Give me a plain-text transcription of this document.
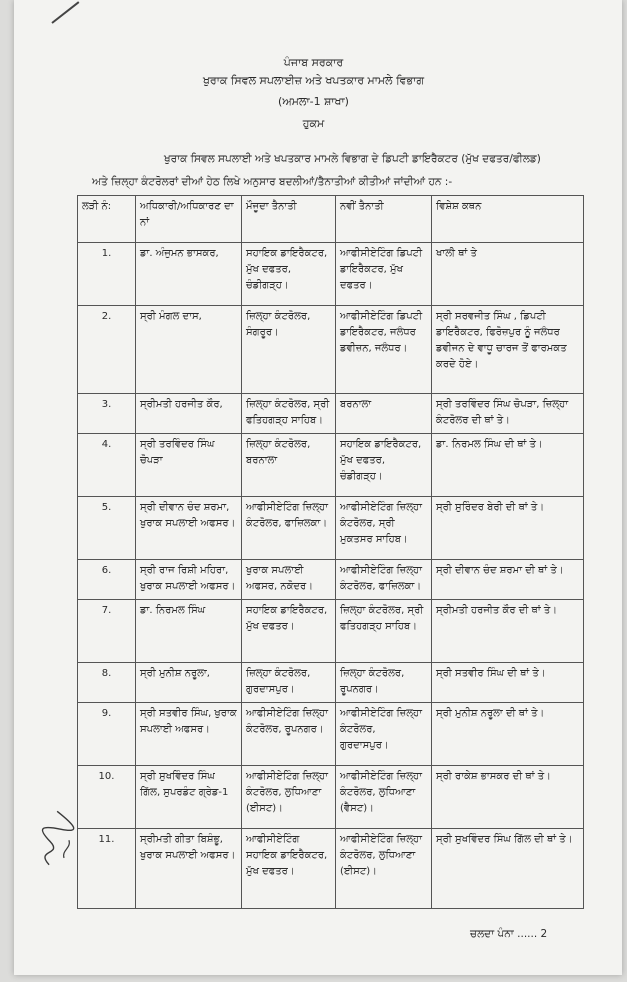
ਪੰਜਾਬ ਸਰਕਾਰ
ਖੁਰਾਕ ਸਿਵਲ ਸਪਲਾਈਜ਼ ਅਤੇ ਖਪਤਕਾਰ ਮਾਮਲੇ ਵਿਭਾਗ
(ਅਮਲਾ-1 ਸ਼ਾਖਾ)
ਹੁਕਮ
ਖੁਰਾਕ ਸਿਵਲ ਸਪਲਾਈ ਅਤੇ ਖਪਤਕਾਰ ਮਾਮਲੇ ਵਿਭਾਗ ਦੇ ਡਿਪਟੀ ਡਾਇਰੈਕਟਰ (ਮੁੱਖ ਦਫਤਰ/ਫੀਲਡ)
ਅਤੇ ਜ਼ਿਲ੍ਹਾ ਕੰਟਰੋਲਰਾਂ ਦੀਆਂ ਹੇਠ ਲਿਖੇ ਅਨੁਸਾਰ ਬਦਲੀਆਂ/ਤੈਨਾਤੀਆਂ ਕੀਤੀਆਂ ਜਾਂਦੀਆਂ ਹਨ :-
ਲੜੀ ਨੰ:	ਅਧਿਕਾਰੀ/ਅਧਿਕਾਰਣ ਦਾ ਨਾਂ	ਮੌਜੂਦਾ ਤੈਨਾਤੀ	ਨਵੀਂ ਤੈਨਾਤੀ	ਵਿਸ਼ੇਸ਼ ਕਥਨ
1.	ਡਾ. ਅੰਜੁਮਨ ਭਾਸਕਰ,	ਸਹਾਇਕ ਡਾਇਰੈਕਟਰ, ਮੁੱਖ ਦਫਤਰ, ਚੰਡੀਗੜ੍ਹ।	ਆਫੀਸੀਏਟਿੰਗ ਡਿਪਟੀ ਡਾਇਰੈਕਟਰ, ਮੁੱਖ ਦਫਤਰ।	ਖਾਲੀ ਥਾਂ ਤੇ
2.	ਸ੍ਰੀ ਮੰਗਲ ਦਾਸ,	ਜ਼ਿਲ੍ਹਾ ਕੰਟਰੋਲਰ, ਸੰਗਰੂਰ।	ਆਫੀਸੀਏਟਿੰਗ ਡਿਪਟੀ ਡਾਇਰੈਕਟਰ, ਜਲੰਧਰ ਡਵੀਜ਼ਨ, ਜਲੰਧਰ।	ਸ੍ਰੀ ਸਰਵਜੀਤ ਸਿੰਘ , ਡਿਪਟੀ ਡਾਇਰੈਕਟਰ, ਫਿਰੋਜ਼ਪੁਰ ਨੂੰ ਜਲੰਧਰ ਡਵੀਜਨ ਦੇ ਵਾਧੂ ਚਾਰਜ ਤੋਂ ਫਾਰਮਕਤ ਕਰਦੇ ਹੋਏ।
3.	ਸ੍ਰੀਮਤੀ ਹਰਜੀਤ ਕੌਰ,	ਜ਼ਿਲ੍ਹਾ ਕੰਟਰੋਲਰ, ਸ੍ਰੀ ਫਤਿਹਗੜ੍ਹ ਸਾਹਿਬ।	ਬਰਨਾਲਾ	ਸ੍ਰੀ ਤਰਵਿੰਦਰ ਸਿੰਘ ਚੋਪੜਾ, ਜ਼ਿਲ੍ਹਾ ਕੰਟਰੋਲਰ ਦੀ ਥਾਂ ਤੇ।
4.	ਸ੍ਰੀ ਤਰਵਿੰਦਰ ਸਿੰਘ ਚੋਪੜਾ	ਜ਼ਿਲ੍ਹਾ ਕੰਟਰੋਲਰ, ਬਰਨਾਲਾ	ਸਹਾਇਕ ਡਾਇਰੈਕਟਰ, ਮੁੱਖ ਦਫਤਰ, ਚੰਡੀਗੜ੍ਹ।	ਡਾ. ਨਿਰਮਲ ਸਿੰਘ ਦੀ ਥਾਂ ਤੇ।
5.	ਸ੍ਰੀ ਦੀਵਾਨ ਚੰਦ ਸ਼ਰਮਾ, ਖੁਰਾਕ ਸਪਲਾਈ ਅਫਸਰ।	ਆਫੀਸੀਏਟਿੰਗ ਜ਼ਿਲ੍ਹਾ ਕੰਟਰੋਲਰ, ਫਾਜ਼ਿਲਕਾ।	ਆਫੀਸੀਏਟਿੰਗ ਜ਼ਿਲ੍ਹਾ ਕੰਟਰੋਲਰ, ਸ੍ਰੀ ਮੁਕਤਸਰ ਸਾਹਿਬ।	ਸ੍ਰੀ ਸੁਰਿੰਦਰ ਬੇਰੀ ਦੀ ਥਾਂ ਤੇ।
6.	ਸ੍ਰੀ ਰਾਜ ਰਿਸ਼ੀ ਮਹਿਰਾ, ਖੁਰਾਕ ਸਪਲਾਈ ਅਫਸਰ।	ਖੁਰਾਕ ਸਪਲਾਈ ਅਫਸਰ, ਨਕੋਦਰ।	ਆਫੀਸੀਏਟਿੰਗ ਜ਼ਿਲ੍ਹਾ ਕੰਟਰੋਲਰ, ਫਾਜ਼ਿਲਕਾ।	ਸ੍ਰੀ ਦੀਵਾਨ ਚੰਦ ਸ਼ਰਮਾ ਦੀ ਥਾਂ ਤੇ।
7.	ਡਾ. ਨਿਰਮਲ ਸਿੰਘ	ਸਹਾਇਕ ਡਾਇਰੈਕਟਰ, ਮੁੱਖ ਦਫਤਰ।	ਜ਼ਿਲ੍ਹਾ ਕੰਟਰੋਲਰ, ਸ੍ਰੀ ਫਤਿਹਗੜ੍ਹ ਸਾਹਿਬ।	ਸ੍ਰੀਮਤੀ ਹਰਜੀਤ ਕੌਰ ਦੀ ਥਾਂ ਤੇ।
8.	ਸ੍ਰੀ ਮੁਨੀਸ਼ ਨਰੂਲਾ,	ਜ਼ਿਲ੍ਹਾ ਕੰਟਰੋਲਰ, ਗੁਰਦਾਸਪੁਰ।	ਜ਼ਿਲ੍ਹਾ ਕੰਟਰੋਲਰ, ਰੂਪਨਗਰ।	ਸ੍ਰੀ ਸਤਵੀਰ ਸਿੰਘ ਦੀ ਥਾਂ ਤੇ।
9.	ਸ੍ਰੀ ਸਤਵੀਰ ਸਿੰਘ, ਖੁਰਾਕ ਸਪਲਾਈ ਅਫਸਰ।	ਆਫੀਸੀਏਟਿੰਗ ਜ਼ਿਲ੍ਹਾ ਕੰਟਰੋਲਰ, ਰੂਪਨਗਰ।	ਆਫੀਸੀਏਟਿੰਗ ਜ਼ਿਲ੍ਹਾ ਕੰਟਰੋਲਰ, ਗੁਰਦਾਸਪੁਰ।	ਸ੍ਰੀ ਮੁਨੀਸ਼ ਨਰੂਲਾ ਦੀ ਥਾਂ ਤੇ।
10.	ਸ੍ਰੀ ਸੁਖਵਿੰਦਰ ਸਿੰਘ ਗਿੱਲ, ਸੁਪਰਡੰਟ ਗ੍ਰੇਡ-1	ਆਫੀਸੀਏਟਿੰਗ ਜ਼ਿਲ੍ਹਾ ਕੰਟਰੋਲਰ, ਲੁਧਿਆਣਾ (ਈਸਟ)।	ਆਫੀਸੀਏਟਿੰਗ ਜ਼ਿਲ੍ਹਾ ਕੰਟਰੋਲਰ, ਲੁਧਿਆਣਾ (ਵੈਸਟ)।	ਸ੍ਰੀ ਰਾਕੇਸ਼ ਭਾਸਕਰ ਦੀ ਥਾਂ ਤੇ।
11.	ਸ੍ਰੀਮਤੀ ਗੀਤਾ ਬਿਸ਼ੰਭੂ, ਖੁਰਾਕ ਸਪਲਾਈ ਅਫਸਰ।	ਆਫੀਸੀਏਟਿੰਗ ਸਹਾਇਕ ਡਾਇਰੈਕਟਰ, ਮੁੱਖ ਦਫਤਰ।	ਆਫੀਸੀਏਟਿੰਗ ਜ਼ਿਲ੍ਹਾ ਕੰਟਰੋਲਰ, ਲੁਧਿਆਣਾ (ਈਸਟ)।	ਸ੍ਰੀ ਸੁਖਵਿੰਦਰ ਸਿੰਘ ਗਿੱਲ ਦੀ ਥਾਂ ਤੇ।
ਚਲਦਾ ਪੰਨਾ ...... 2
